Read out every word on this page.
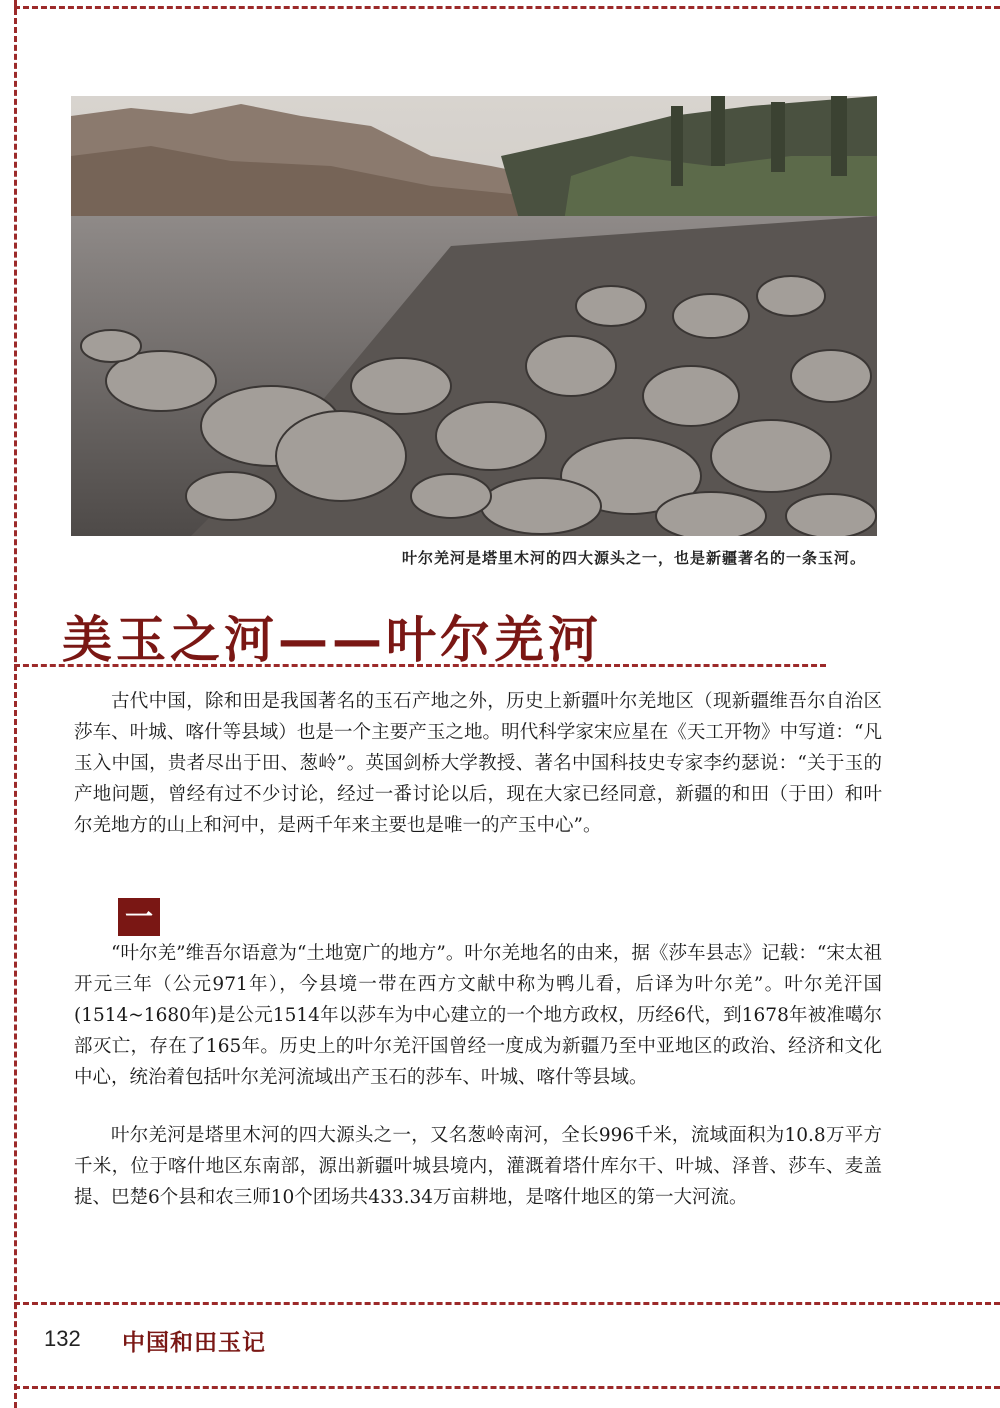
叶尔羌河是塔里木河的四大源头之一，也是新疆著名的一条玉河。
美玉之河——叶尔羌河

古代中国，除和田是我国著名的玉石产地之外，历史上新疆叶尔羌地区（现新疆维吾尔自治区莎车、叶城、喀什等县域）也是一个主要产玉之地。明代科学家宋应星在《天工开物》中写道：“凡玉入中国，贵者尽出于田、葱岭”。英国剑桥大学教授、著名中国科技史专家李约瑟说：“关于玉的产地问题，曾经有过不少讨论，经过一番讨论以后，现在大家已经同意，新疆的和田（于田）和叶尔羌地方的山上和河中，是两千年来主要也是唯一的产玉中心”。

一

“叶尔羌”维吾尔语意为“土地宽广的地方”。叶尔羌地名的由来，据《莎车县志》记载：“宋太祖开元三年（公元971年），今县境一带在西方文献中称为鸭儿看，后译为叶尔羌”。叶尔羌汗国(1514~1680年)是公元1514年以莎车为中心建立的一个地方政权，历经6代，到1678年被准噶尔部灭亡，存在了165年。历史上的叶尔羌汗国曾经一度成为新疆乃至中亚地区的政治、经济和文化中心，统治着包括叶尔羌河流域出产玉石的莎车、叶城、喀什等县域。

叶尔羌河是塔里木河的四大源头之一，又名葱岭南河，全长996千米，流域面积为10.8万平方千米，位于喀什地区东南部，源出新疆叶城县境内，灌溉着塔什库尔干、叶城、泽普、莎车、麦盖提、巴楚6个县和农三师10个团场共433.34万亩耕地，是喀什地区的第一大河流。

132 中国和田玉记
